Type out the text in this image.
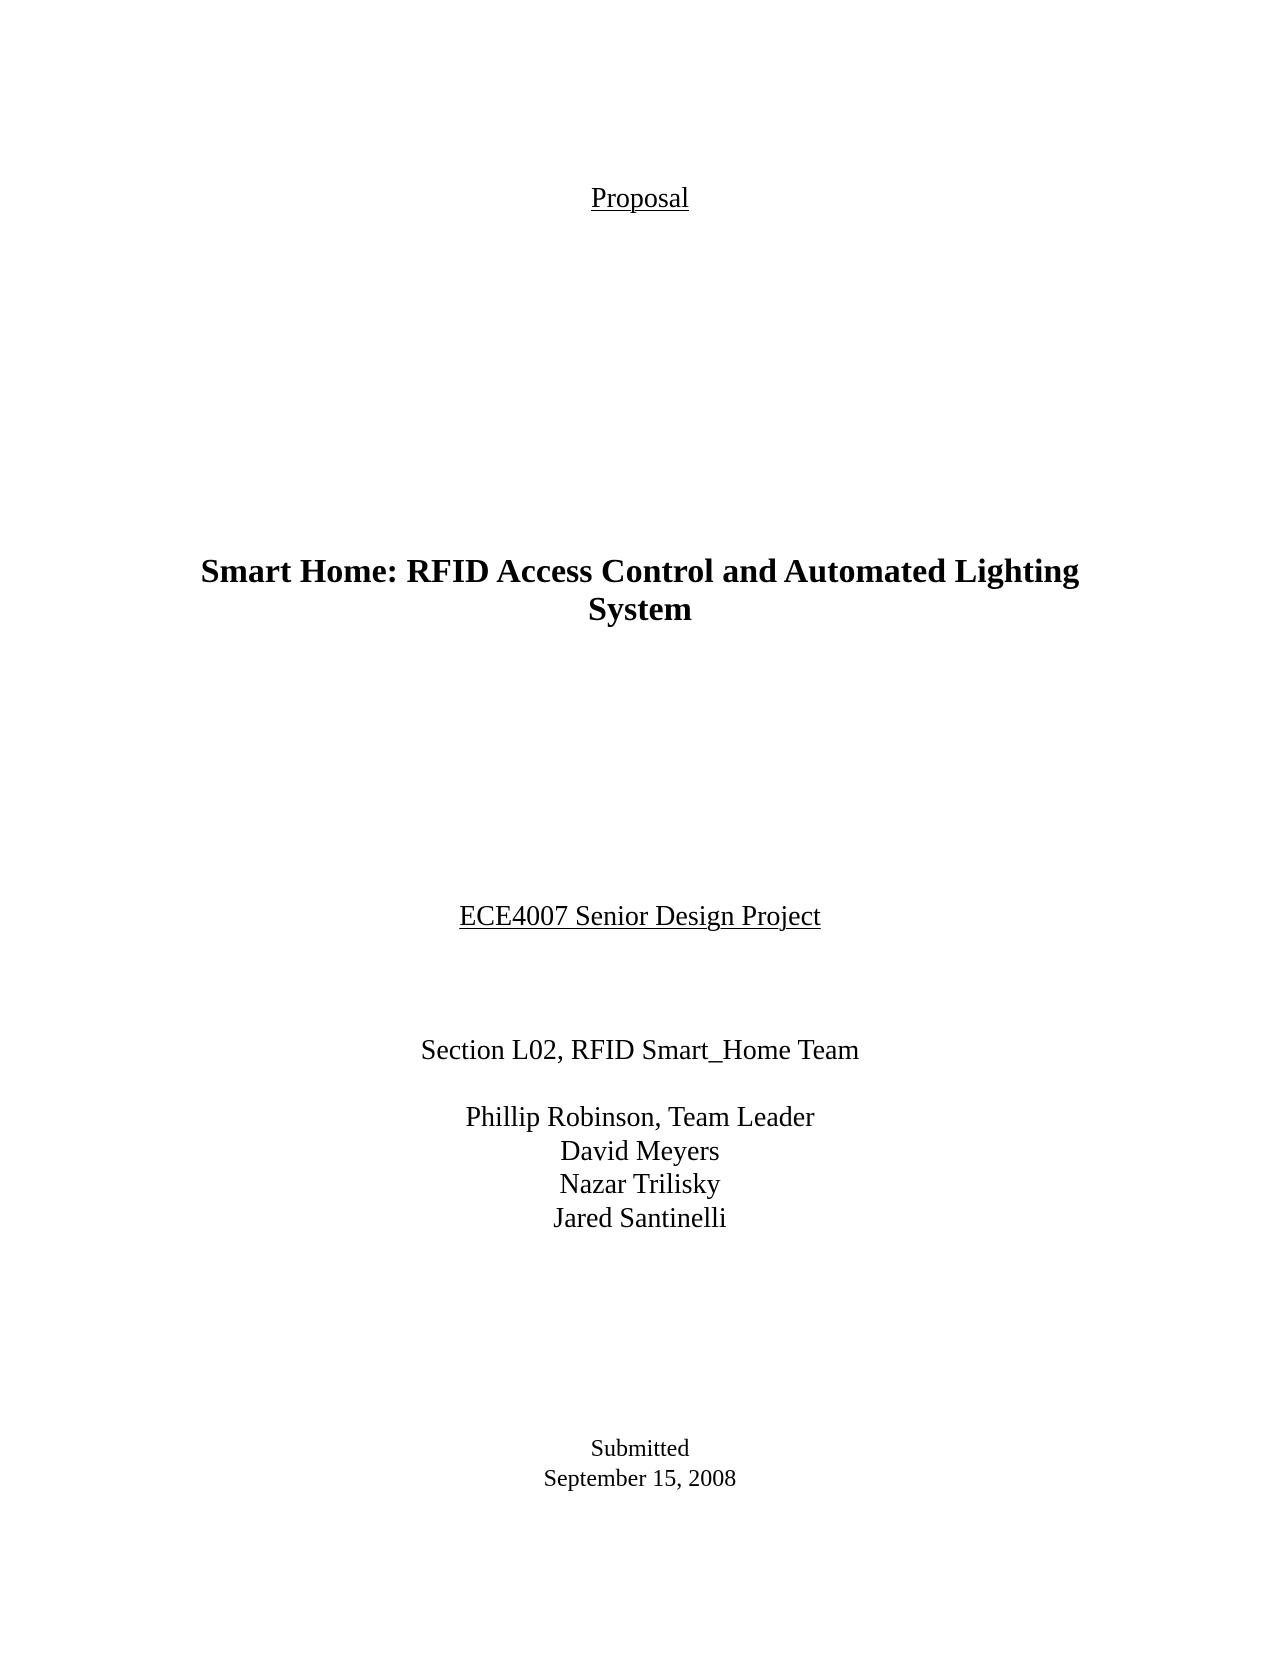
Proposal
Smart Home: RFID Access Control and Automated Lighting
System
ECE4007 Senior Design Project
Section L02, RFID Smart_Home Team
Phillip Robinson, Team Leader
David Meyers
Nazar Trilisky
Jared Santinelli
Submitted
September 15, 2008
